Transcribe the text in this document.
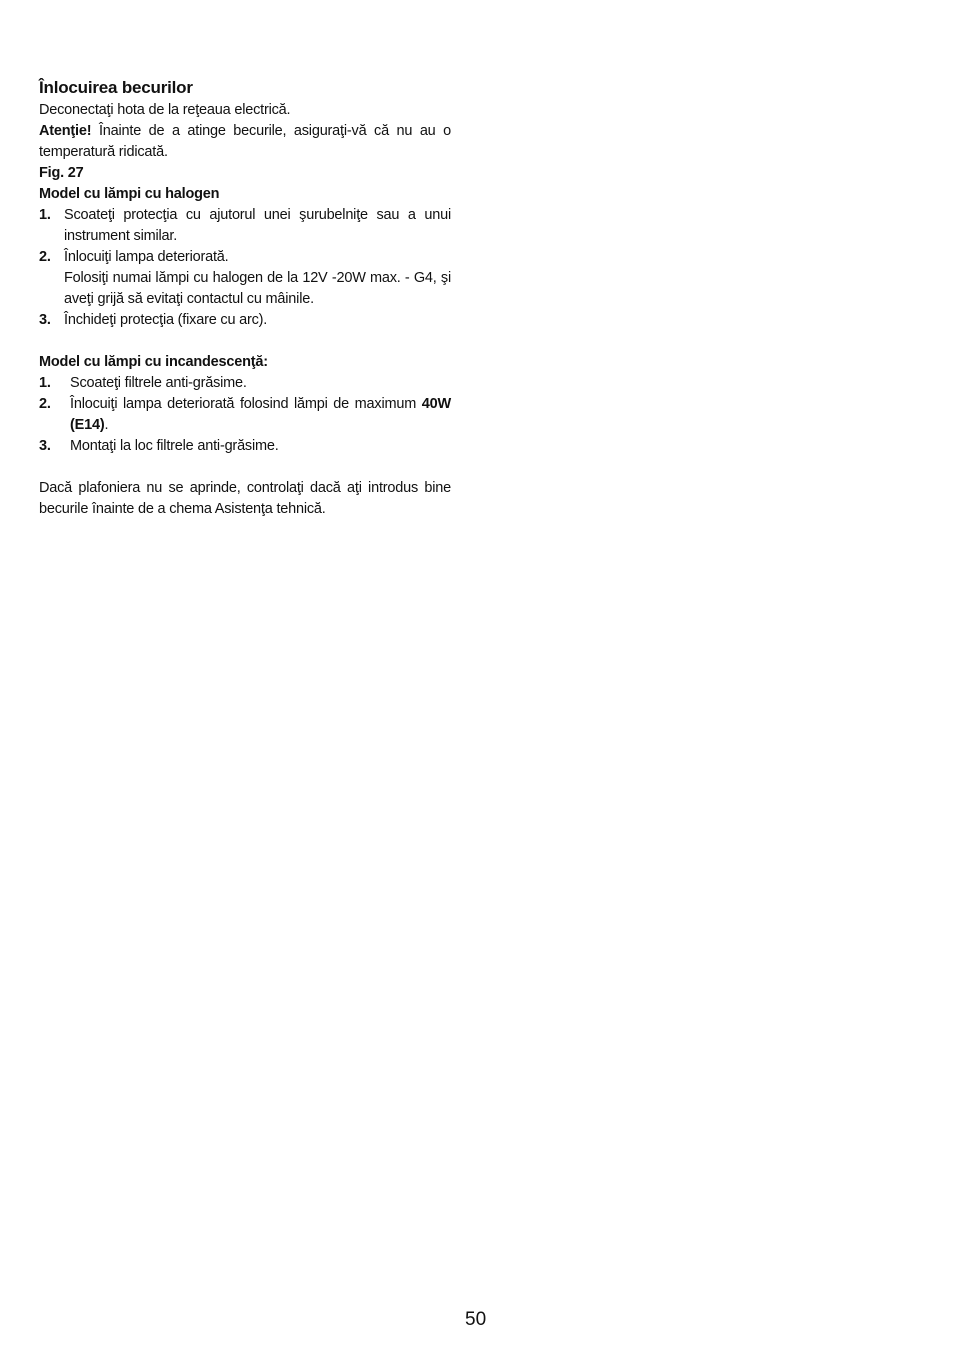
Înlocuirea becurilor

Deconectaţi hota de la reţeaua electrică.

Atenţie! Înainte de a atinge becurile, asiguraţi-vă că nu au o temperatură ridicată.

Fig. 27

Model cu lămpi cu halogen

1. Scoateţi protecţia cu ajutorul unei şurubelniţe sau a unui instrument similar.
2. Înlocuiţi lampa deteriorată.
Folosiţi numai lămpi cu halogen de la 12V -20W max. - G4, şi aveţi grijă să evitaţi contactul cu mâinile.
3. Închideţi protecţia (fixare cu arc).

Model cu lămpi cu incandescenţă:

1.	Scoateţi filtrele anti-grăsime.
2.	Înlocuiţi lampa deteriorată folosind lămpi de maximum 40W (E14).
3.	Montaţi la loc filtrele anti-grăsime.

Dacă plafoniera nu se aprinde, controlaţi dacă aţi introdus bine becurile înainte de a chema Asistenţa tehnică.

50
